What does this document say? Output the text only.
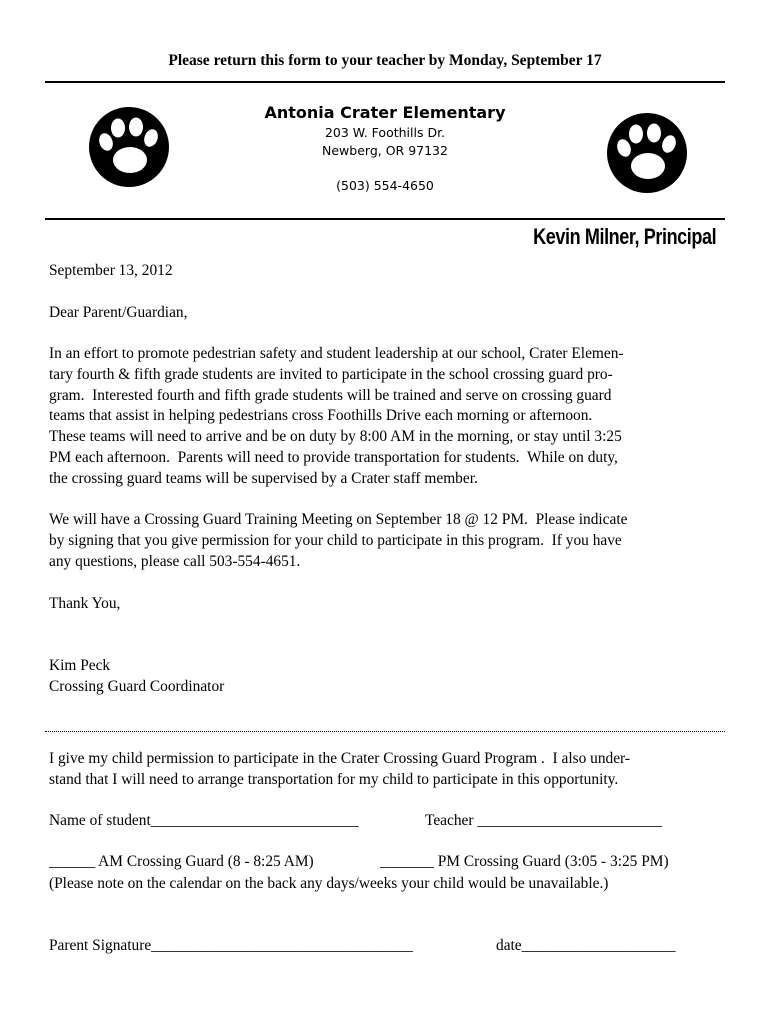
Please return this form to your teacher by Monday, September 17
Antonia Crater Elementary
203 W. Foothills Dr.
Newberg, OR 97132
(503) 554-4650
Kevin Milner, Principal
September 13, 2012
Dear Parent/Guardian,
In an effort to promote pedestrian safety and student leadership at our school, Crater Elemen-
tary fourth & fifth grade students are invited to participate in the school crossing guard pro-
gram.  Interested fourth and fifth grade students will be trained and serve on crossing guard
teams that assist in helping pedestrians cross Foothills Drive each morning or afternoon.
These teams will need to arrive and be on duty by 8:00 AM in the morning, or stay until 3:25
PM each afternoon.  Parents will need to provide transportation for students.  While on duty,
the crossing guard teams will be supervised by a Crater staff member.
We will have a Crossing Guard Training Meeting on September 18 @ 12 PM.  Please indicate
by signing that you give permission for your child to participate in this program.  If you have
any questions, please call 503-554-4651.
Thank You,
Kim Peck
Crossing Guard Coordinator
I give my child permission to participate in the Crater Crossing Guard Program .  I also under-
stand that I will need to arrange transportation for my child to participate in this opportunity.
Name of student___________________________	Teacher ________________________
______ AM Crossing Guard (8 - 8:25 AM)	_______ PM Crossing Guard (3:05 - 3:25 PM)
(Please note on the calendar on the back any days/weeks your child would be unavailable.)
Parent Signature__________________________________	date____________________
